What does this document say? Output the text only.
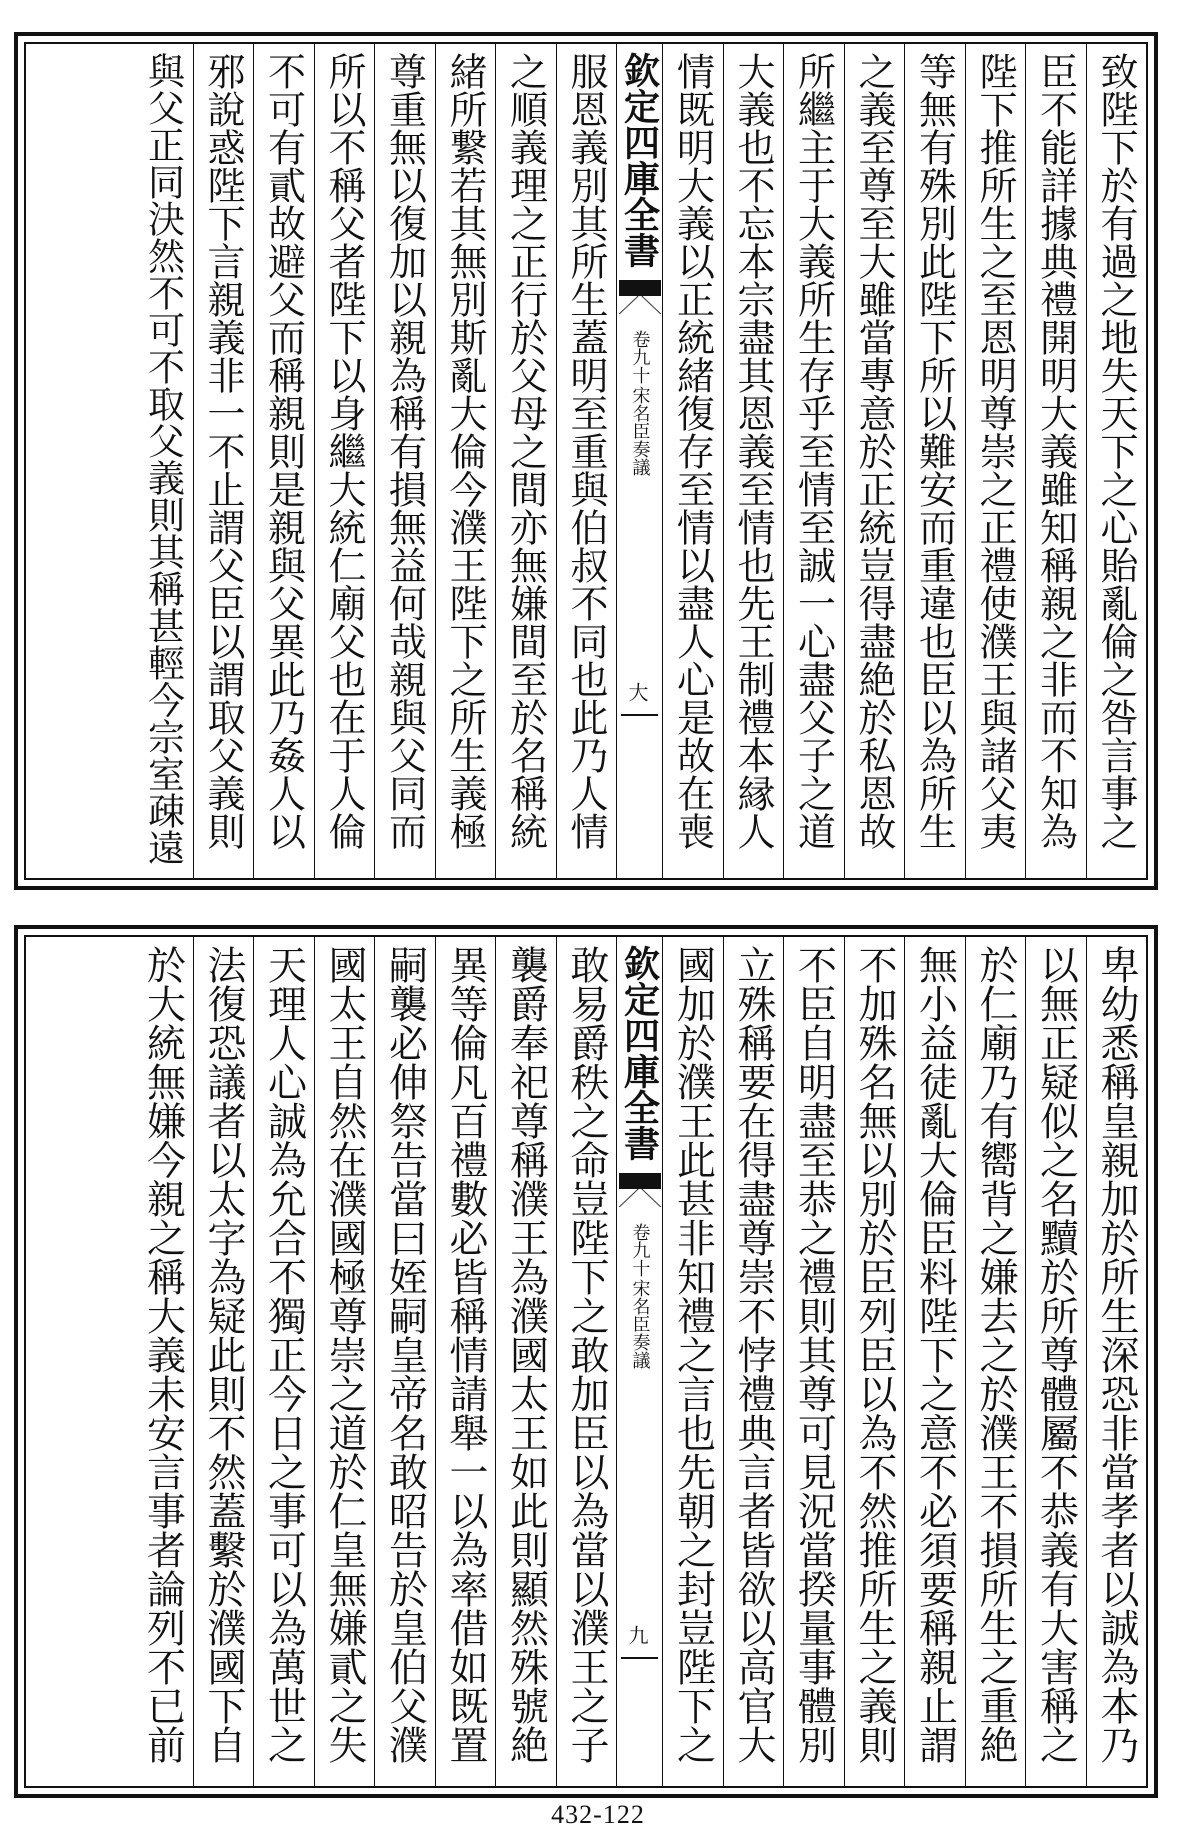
致陛下於有過之地失天下之心貽亂倫之咎言事之
臣不能詳據典禮開明大義雖知稱親之非而不知為
陛下推所生之至恩明尊崇之正禮使濮王與諸父夷
等無有殊別此陛下所以難安而重違也臣以為所生
之義至尊至大雖當專意於正統豈得盡絶於私恩故
所繼主于大義所生存乎至情至誠一心盡父子之道
大義也不忘本宗盡其恩義至情也先王制禮本縁人
情既明大義以正統緒復存至情以盡人心是故在喪
欽定四庫全書
宋名臣奏議
卷九十
大
服恩義別其所生蓋明至重與伯叔不同也此乃人情
之順義理之正行於父母之間亦無嫌間至於名稱統
緒所繋若其無別斯亂大倫今濮王陛下之所生義極
尊重無以復加以親為稱有損無益何哉親與父同而
所以不稱父者陛下以身繼大統仁廟父也在于人倫
不可有貳故避父而稱親則是親與父異此乃姦人以
邪說惑陛下言親義非一不止謂父臣以謂取父義則
與父正同決然不可不取父義則其稱甚輕今宗室疎遠
卑幼悉稱皇親加於所生深恐非當孝者以誠為本乃
以無正疑似之名黷於所尊體屬不恭義有大害稱之
於仁廟乃有嚮背之嫌去之於濮王不損所生之重絶
無小益徒亂大倫臣料陛下之意不必須要稱親止謂
不加殊名無以別於臣列臣以為不然推所生之義則
不臣自明盡至恭之禮則其尊可見況當揆量事體別
立殊稱要在得盡尊崇不悖禮典言者皆欲以高官大
國加於濮王此甚非知禮之言也先朝之封豈陛下之
欽定四庫全書
宋名臣奏議
卷九十
九
敢易爵秩之命豈陛下之敢加臣以為當以濮王之子
襲爵奉祀尊稱濮王為濮國太王如此則顯然殊號絶
異等倫凡百禮數必皆稱情請舉一以為率借如既置
嗣襲必伸祭告當曰姪嗣皇帝名敢昭告於皇伯父濮
國太王自然在濮國極尊崇之道於仁皇無嫌貳之失
天理人心誠為允合不獨正今日之事可以為萬世之
法復恐議者以太字為疑此則不然蓋繫於濮國下自
於大統無嫌今親之稱大義未安言事者論列不已前
432-122
